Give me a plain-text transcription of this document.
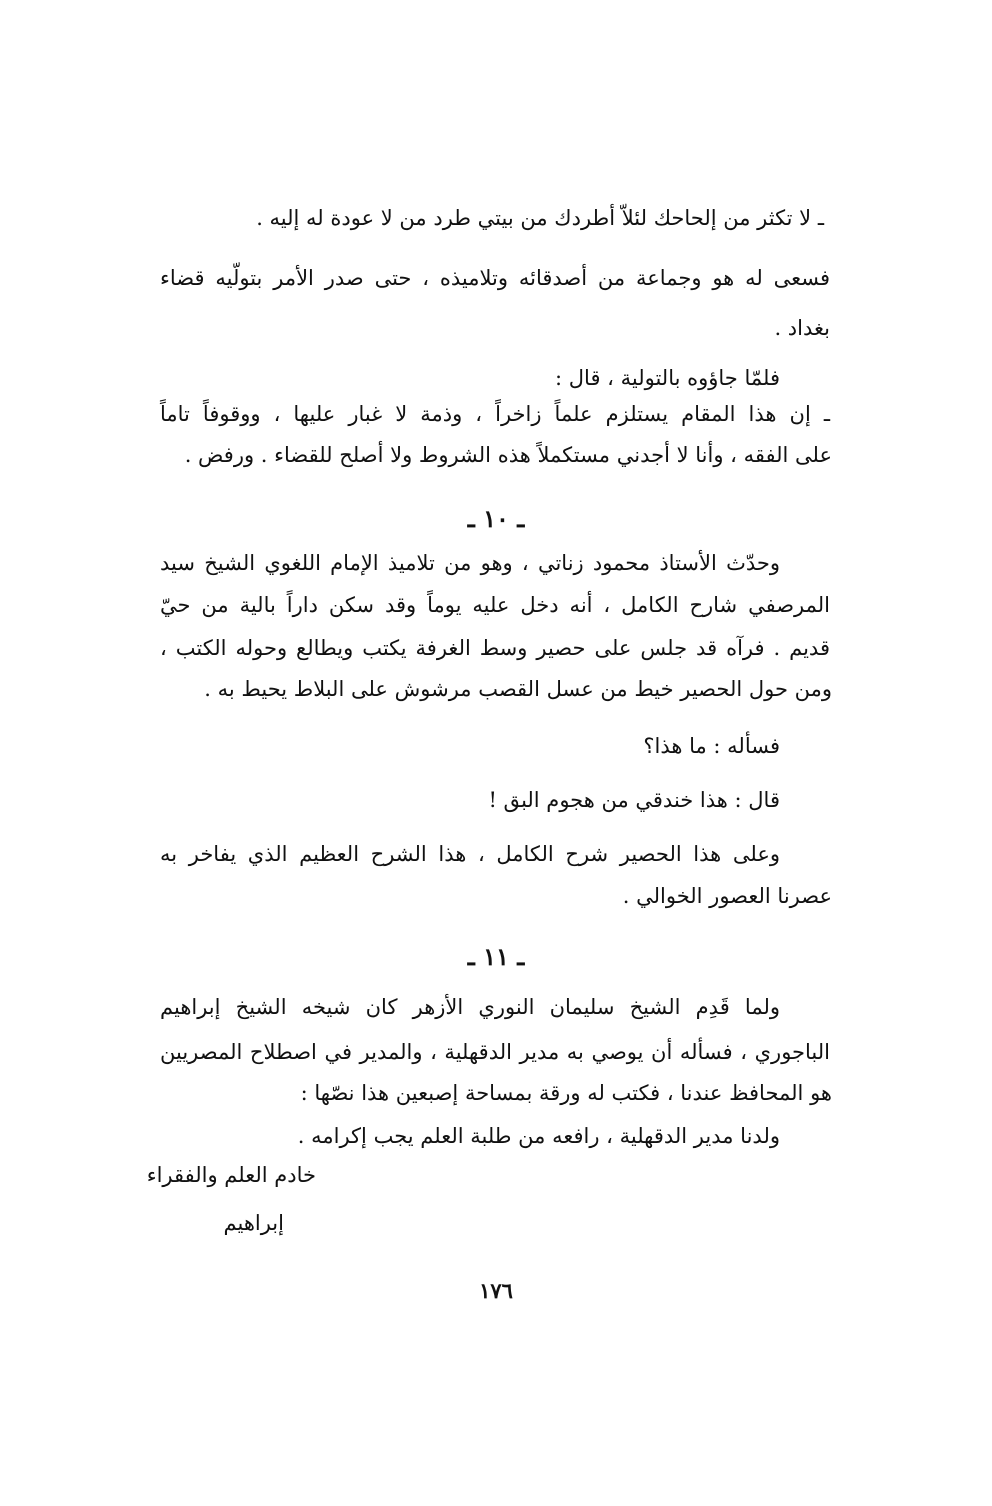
ـ لا تكثر من إلحاحك لئلاّ أطردك من بيتي طرد من لا عودة له إليه .
فسعى له هو وجماعة من أصدقائه وتلاميذه ، حتى صدر الأمر بتولّيه قضاء
بغداد .
فلمّا جاؤوه بالتولية ، قال :
ـ إن هذا المقام يستلزم علماً زاخراً ، وذمة لا غبار عليها ، ووقوفاً تاماً
على الفقه ، وأنا لا أجدني مستكملاً هذه الشروط ولا أصلح للقضاء . ورفض .
ـ ١٠ ـ
وحدّث الأستاذ محمود زناتي ، وهو من تلاميذ الإمام اللغوي الشيخ سيد
المرصفي شارح الكامل ، أنه دخل عليه يوماً وقد سكن داراً بالية من حيّ
قديم . فرآه قد جلس على حصير وسط الغرفة يكتب ويطالع وحوله الكتب ،
ومن حول الحصير خيط من عسل القصب مرشوش على البلاط يحيط به .
فسأله : ما هذا؟
قال : هذا خندقي من هجوم البق !
وعلى هذا الحصير شرح الكامل ، هذا الشرح العظيم الذي يفاخر به
عصرنا العصور الخوالي .
ـ ١١ ـ
ولما قَدِم الشيخ سليمان النوري الأزهر كان شيخه الشيخ إبراهيم
الباجوري ، فسأله أن يوصي به مدير الدقهلية ، والمدير في اصطلاح المصريين
هو المحافظ عندنا ، فكتب له ورقة بمساحة إصبعين هذا نصّها :
ولدنا مدير الدقهلية ، رافعه من طلبة العلم يجب إكرامه .
خادم العلم والفقراء
إبراهيم
١٧٦
